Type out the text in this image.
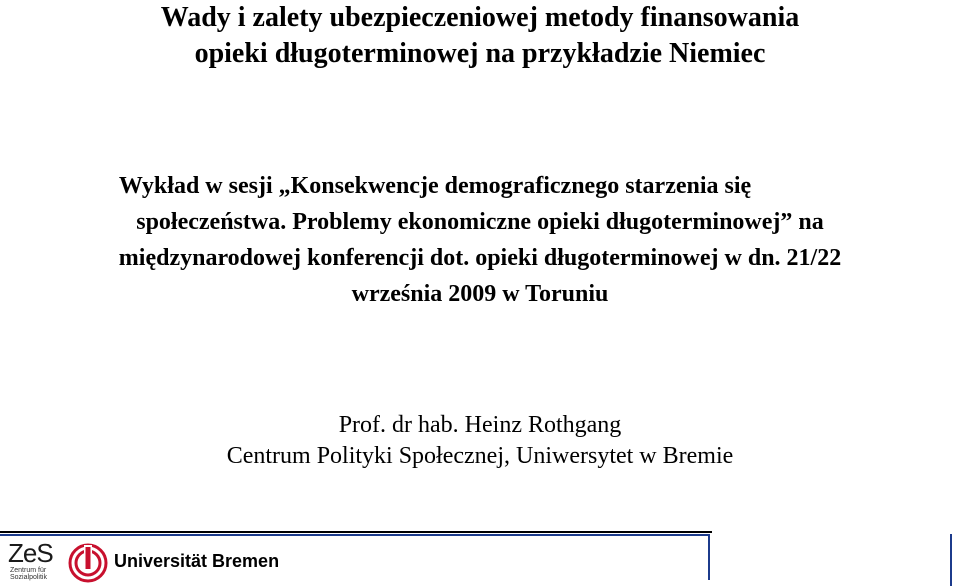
Wady i zalety ubezpieczeniowej metody finansowania
opieki długoterminowej na przykładzie Niemiec
Wykład w sesji „Konsekwencje demograficznego starzenia się
społeczeństwa. Problemy ekonomiczne opieki długoterminowej” na
międzynarodowej konferencji dot. opieki długoterminowej w dn. 21/22
września 2009 w Toruniu
Prof. dr hab. Heinz Rothgang
Centrum Polityki Społecznej, Uniwersytet w Bremie
ZeS
Zentrum für
Sozialpolitik
Universität Bremen
